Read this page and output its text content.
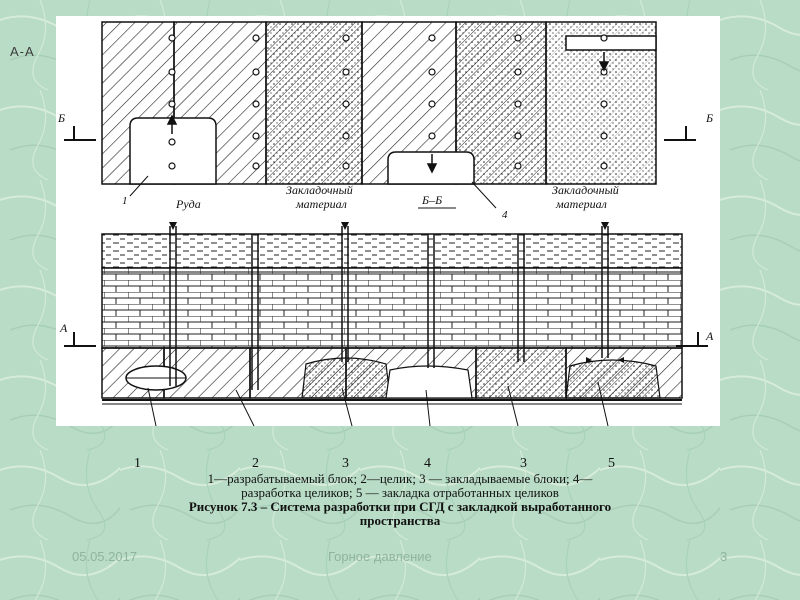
А-А
Б	Б
1	Руда
Закладочный
материал	Б–Б
4
Закладочный
материал
А
А
1	2	3	4	3	5
1—разрабатываемый блок; 2—целик; 3 — закладываемые блоки; 4—
разработка целиков; 5 — закладка отработанных целиков
Рисунок 7.3 – Система разработки при СГД с закладкой выработанного
пространства
05.05.2017	Горное давление	3
